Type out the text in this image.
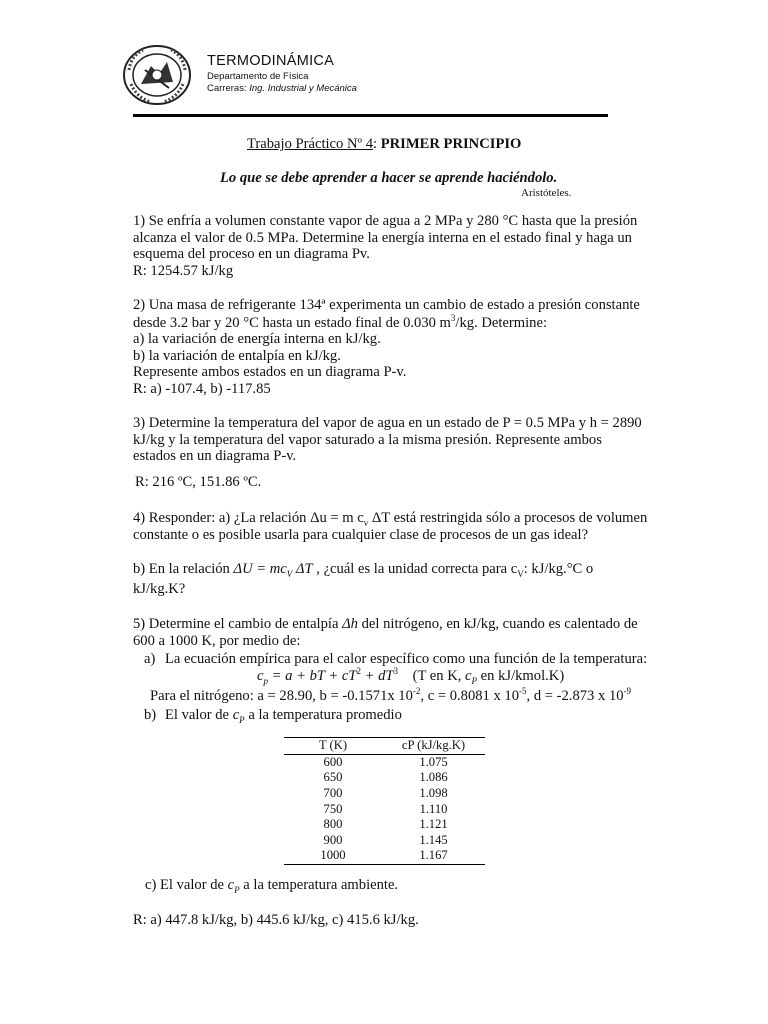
TERMODINÁMICA
Departamento de Física
Carreras: Ing. Industrial y Mecánica
Trabajo Práctico Nº 4: PRIMER PRINCIPIO
Lo que se debe aprender a hacer se aprende haciéndolo.
Aristóteles.
1) Se enfría a volumen constante vapor de agua a 2 MPa y 280 °C hasta que la presión
alcanza el valor de 0.5 MPa. Determine la energía interna en el estado final y haga un
esquema del proceso en un diagrama Pv.
R: 1254.57 kJ/kg
2) Una masa de refrigerante 134ª experimenta un cambio de estado a presión constante
desde 3.2 bar y 20 °C hasta un estado final de 0.030 $m^3/kg$. Determine:
a) la variación de energía interna en kJ/kg.
b) la variación de entalpía en kJ/kg.
Represente ambos estados en un diagrama P-v.
R: a) -107.4, b) -117.85
3) Determine la temperatura del vapor de agua en un estado de P = 0.5 MPa y h = 2890
kJ/kg y la temperatura del vapor saturado a la misma presión. Represente ambos
estados en un diagrama P-v.
R: 216 ºC, 151.86 ºC.
4) Responder: a) ¿La relación Δu = m $c_v$ ΔT está restringida sólo a procesos de volumen
constante o es posible usarla para cualquier clase de procesos de un gas ideal?
b) En la relación $\Delta U = mc_V$ ΔT , ¿cuál es la unidad correcta para $c_V$: kJ/kg.°C o
kJ/kg.K?
5) Determine el cambio de entalpía Δh del nitrógeno, en kJ/kg, cuando es calentado de
600 a 1000 K, por medio de:
a) La ecuación empírica para el calor específico como una función de la temperatura:
$c_p = a$ + bT + $cT^2 + dT^3$ (T en K, $c_P$ en kJ/kmol.K)
Para el nitrógeno: a = 28.90, b = -0.1571x $10^{-2}$, c = 0.8081 x $10^{-5}$, d = -2.873 x $10^{-9}$
b) El valor de $c_P$ a la temperatura promedio
T (K)	cP (kJ/kg.K)
600	1.075
650	1.086
700	1.098
750	1.110
800	1.121
900	1.145
1000	1.167
c) El valor de $c_P$ a la temperatura ambiente.
R: a) 447.8 kJ/kg, b) 445.6 kJ/kg, c) 415.6 kJ/kg.
